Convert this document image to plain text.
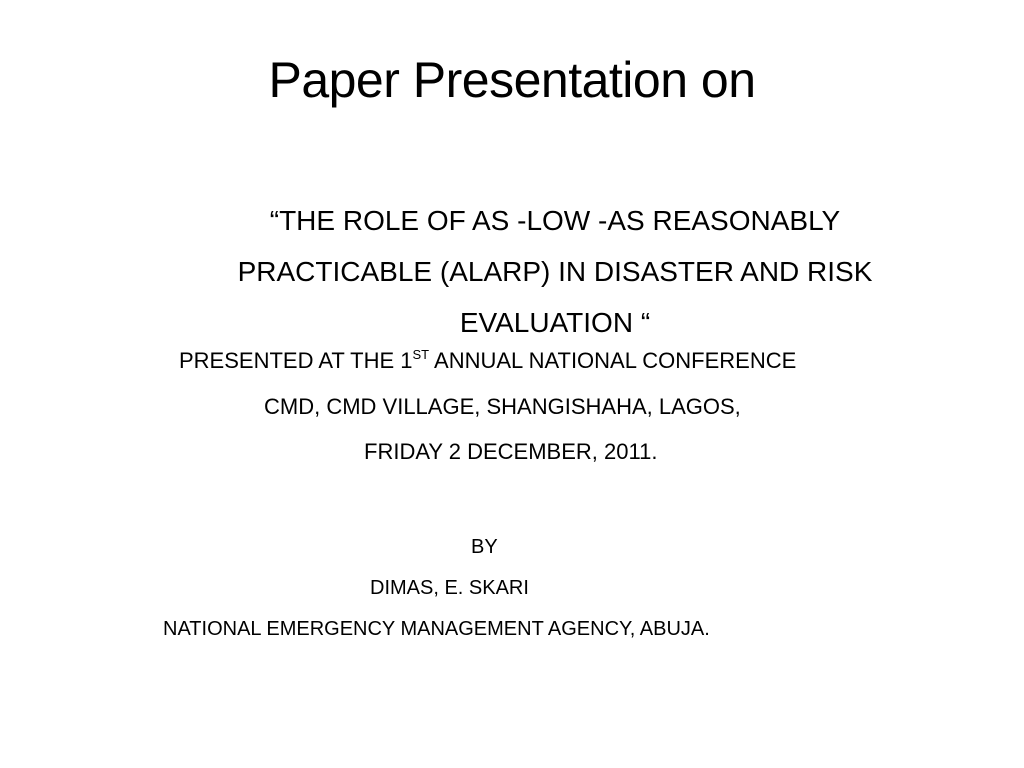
Paper Presentation on
“THE ROLE OF AS -LOW -AS REASONABLY
PRACTICABLE (ALARP) IN DISASTER AND RISK
EVALUATION “
PRESENTED AT THE 1ST ANNUAL NATIONAL CONFERENCE
CMD, CMD VILLAGE, SHANGISHAHA, LAGOS,
FRIDAY 2 DECEMBER, 2011.
BY
DIMAS, E. SKARI
NATIONAL EMERGENCY MANAGEMENT AGENCY, ABUJA.
